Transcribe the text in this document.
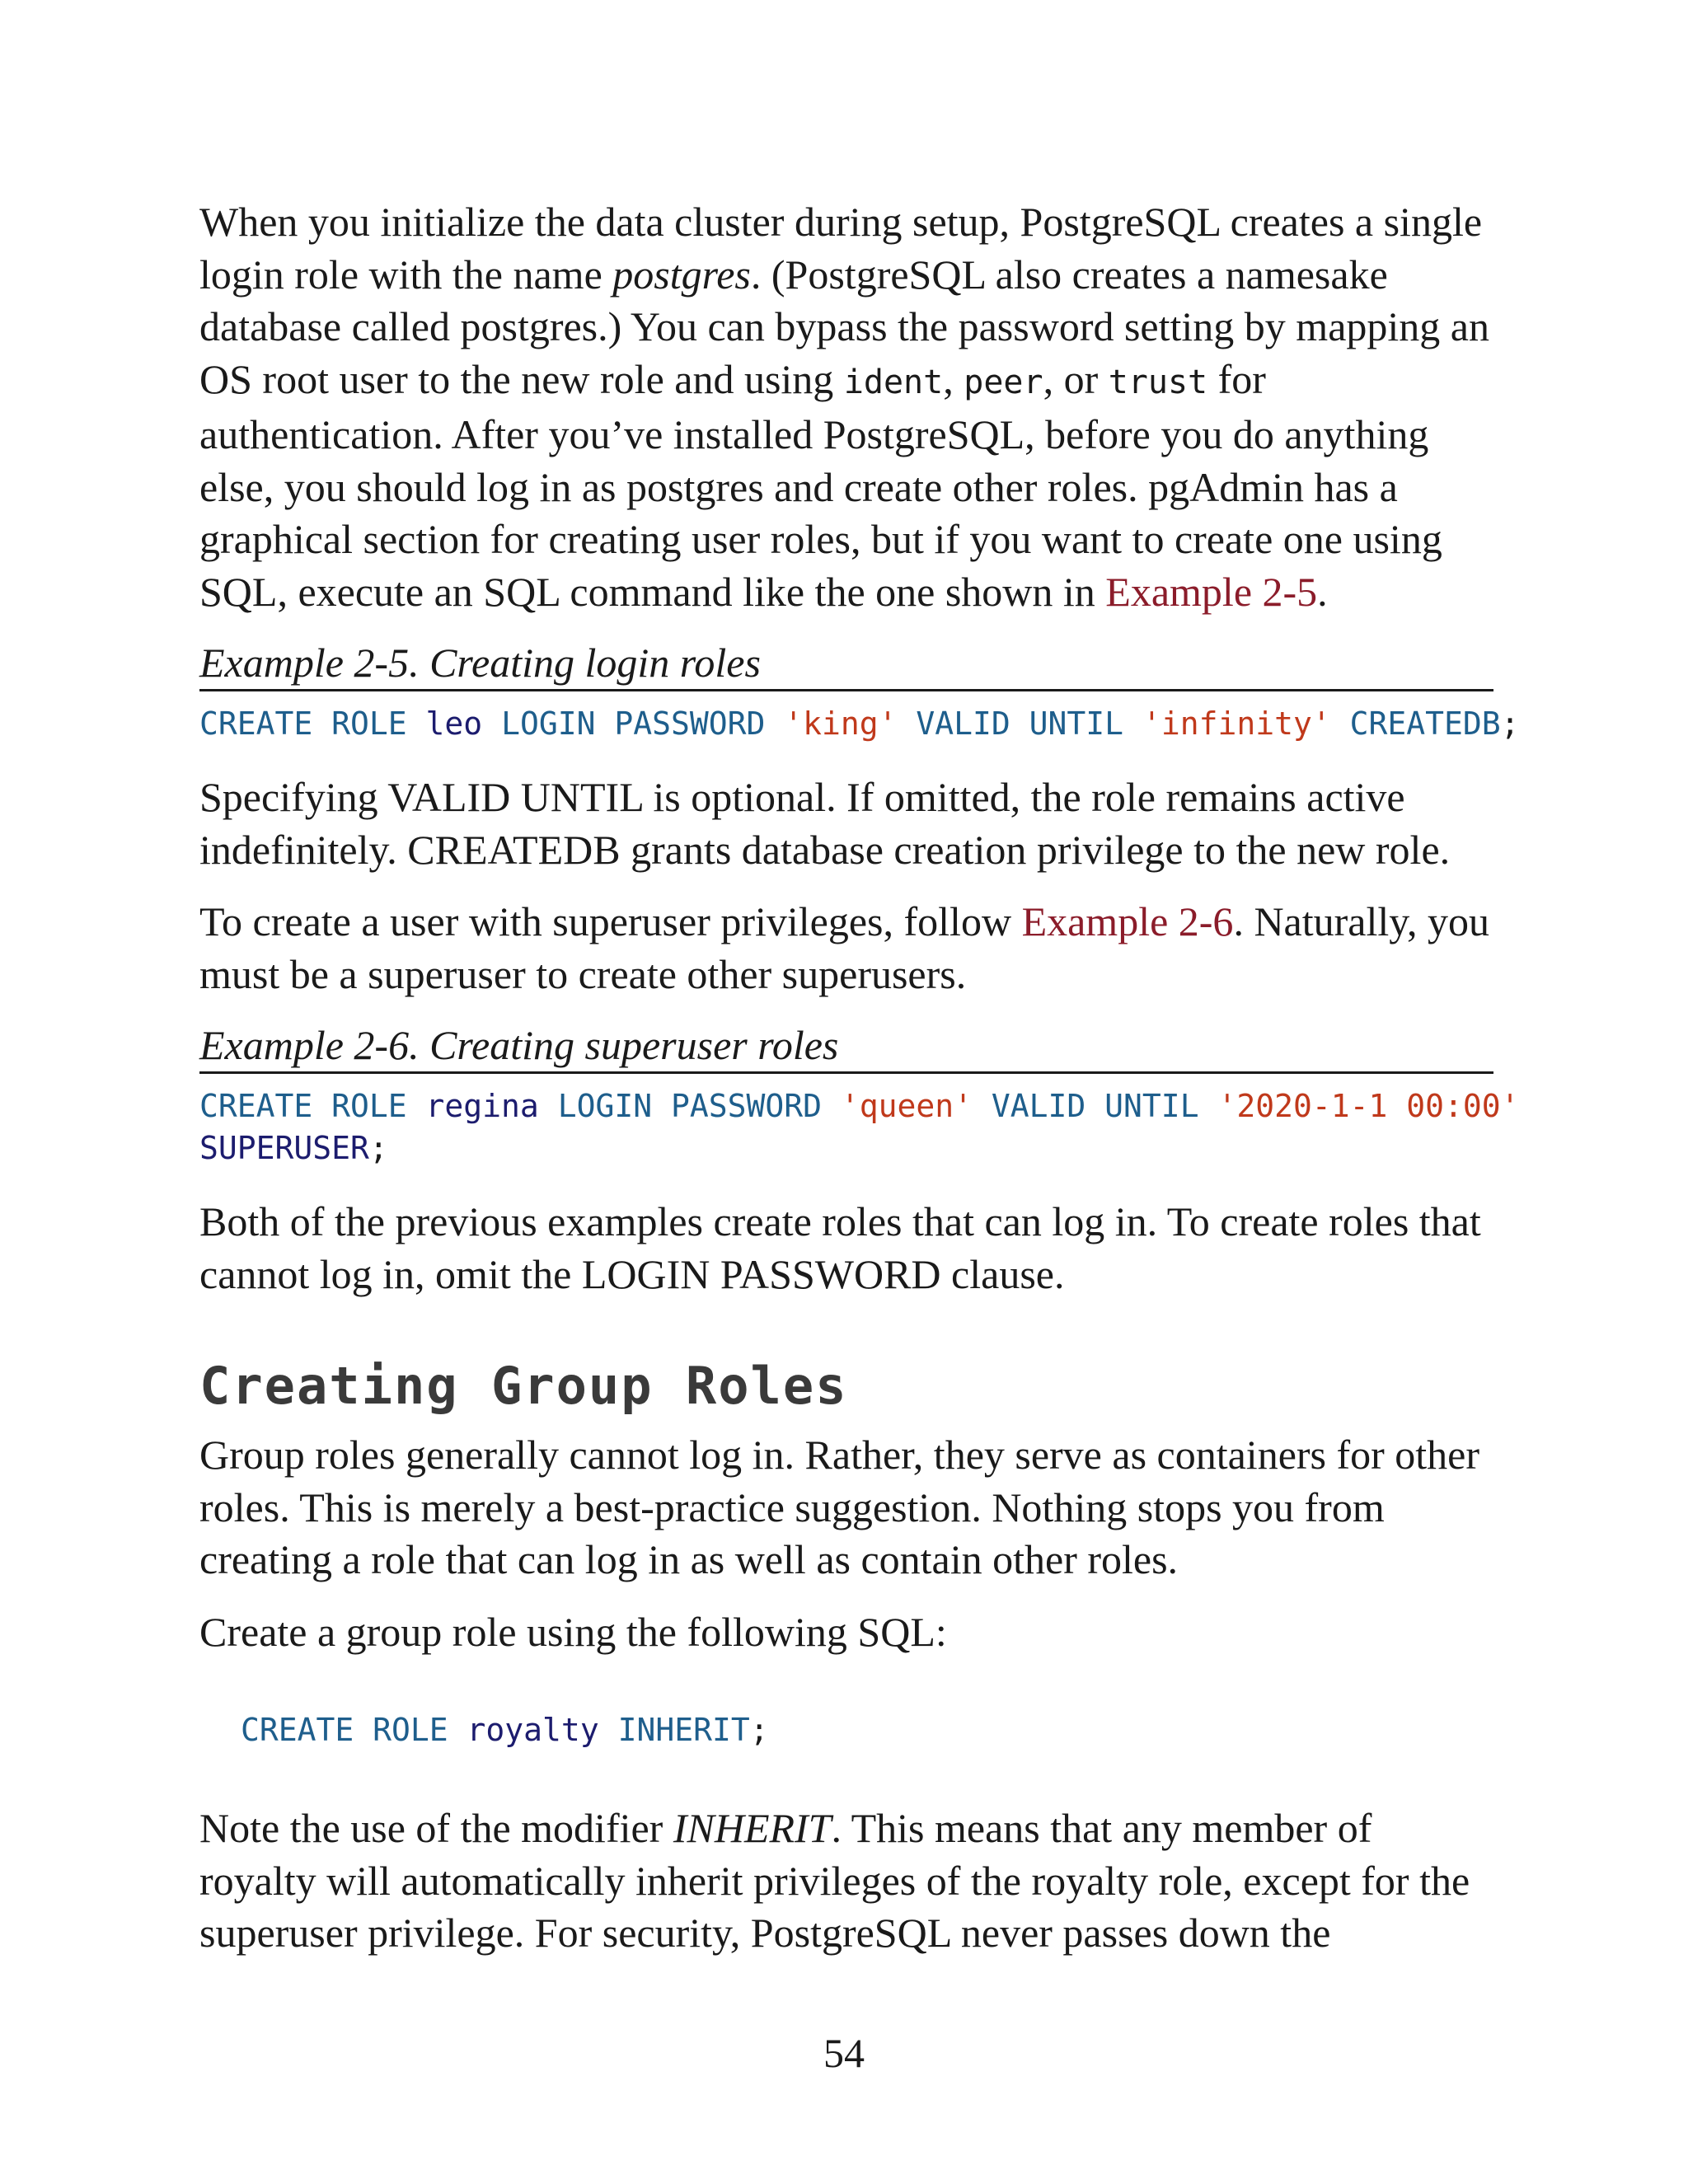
When you initialize the data cluster during setup, PostgreSQL creates a single login role with the name postgres. (PostgreSQL also creates a namesake database called postgres.) You can bypass the password setting by mapping an OS root user to the new role and using ident, peer, or trust for authentication. After you’ve installed PostgreSQL, before you do anything else, you should log in as postgres and create other roles. pgAdmin has a graphical section for creating user roles, but if you want to create one using SQL, execute an SQL command like the one shown in Example 2-5.

Example 2-5. Creating login roles
CREATE ROLE leo LOGIN PASSWORD 'king' VALID UNTIL 'infinity' CREATEDB;

Specifying VALID UNTIL is optional. If omitted, the role remains active indefinitely. CREATEDB grants database creation privilege to the new role.

To create a user with superuser privileges, follow Example 2-6. Naturally, you must be a superuser to create other superusers.

Example 2-6. Creating superuser roles
CREATE ROLE regina LOGIN PASSWORD 'queen' VALID UNTIL '2020-1-1 00:00'
SUPERUSER;

Both of the previous examples create roles that can log in. To create roles that cannot log in, omit the LOGIN PASSWORD clause.

Creating Group Roles

Group roles generally cannot log in. Rather, they serve as containers for other roles. This is merely a best-practice suggestion. Nothing stops you from creating a role that can log in as well as contain other roles.

Create a group role using the following SQL:

CREATE ROLE royalty INHERIT;

Note the use of the modifier INHERIT. This means that any member of royalty will automatically inherit privileges of the royalty role, except for the superuser privilege. For security, PostgreSQL never passes down the

54
